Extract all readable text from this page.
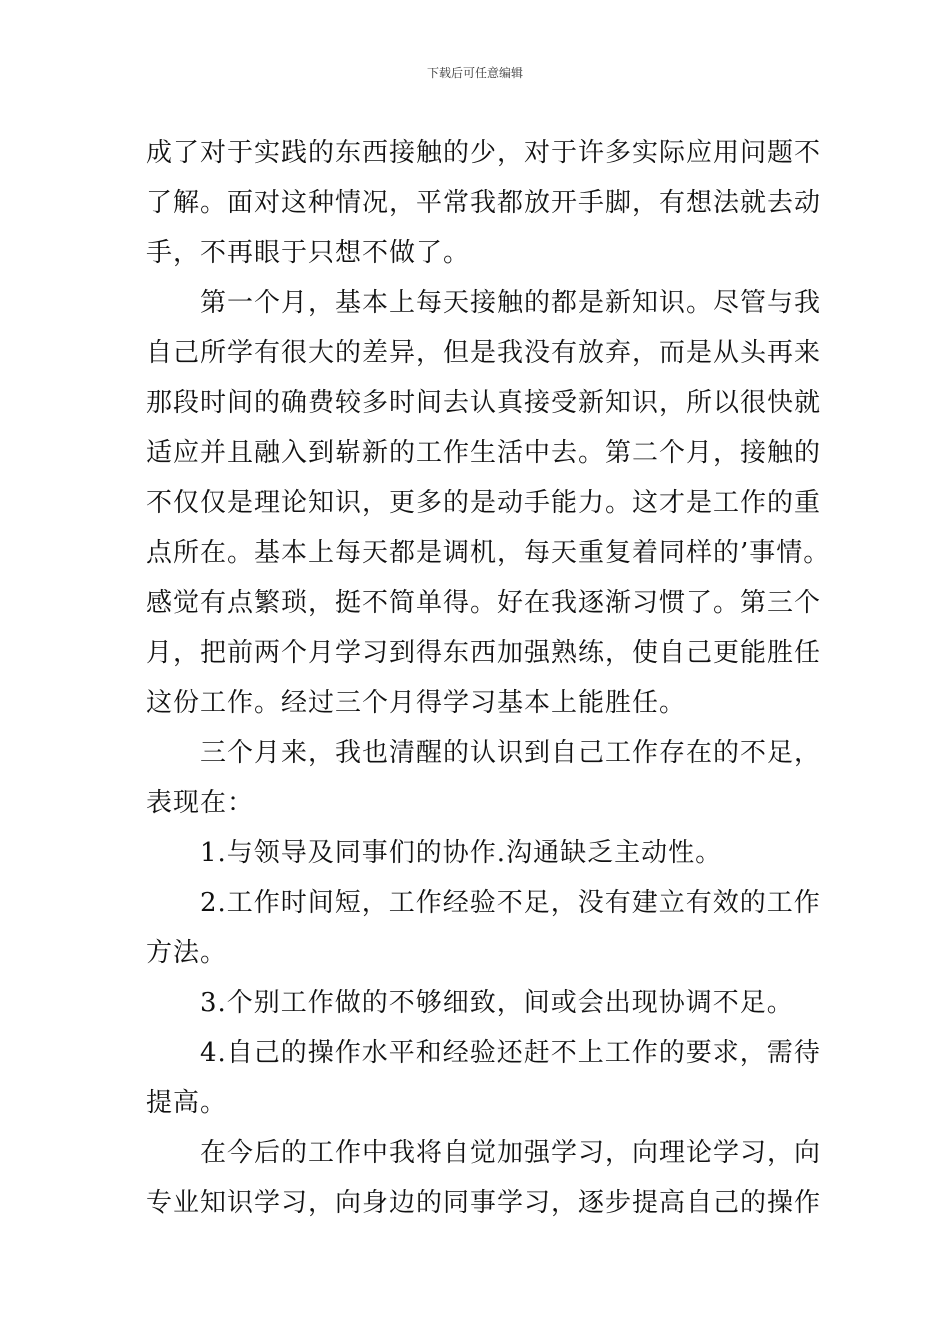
下载后可任意编辑
成了对于实践的东西接触的少，对于许多实际应用问题不
了解。面对这种情况，平常我都放开手脚，有想法就去动
手，不再眼于只想不做了。
第一个月，基本上每天接触的都是新知识。尽管与我
自己所学有很大的差异，但是我没有放弃，而是从头再来
那段时间的确费较多时间去认真接受新知识，所以很快就
适应并且融入到崭新的工作生活中去。第二个月，接触的
不仅仅是理论知识，更多的是动手能力。这才是工作的重
点所在。基本上每天都是调机，每天重复着同样的’事情。
感觉有点繁琐，挺不简单得。好在我逐渐习惯了。第三个
月，把前两个月学习到得东西加强熟练，使自己更能胜任
这份工作。经过三个月得学习基本上能胜任。
三个月来，我也清醒的认识到自己工作存在的不足，
表现在：
1.与领导及同事们的协作.沟通缺乏主动性。
2.工作时间短，工作经验不足，没有建立有效的工作
方法。
3.个别工作做的不够细致，间或会出现协调不足。
4.自己的操作水平和经验还赶不上工作的要求，需待
提高。
在今后的工作中我将自觉加强学习，向理论学习，向
专业知识学习，向身边的同事学习，逐步提高自己的操作
